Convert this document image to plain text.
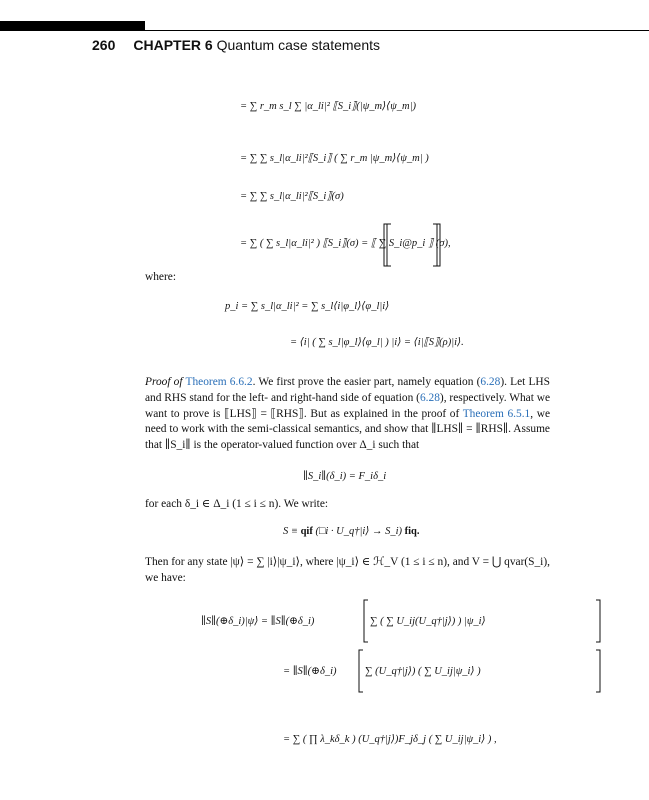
260 CHAPTER 6 Quantum case statements
= ∑ r_m s_l ∑ |α_li|² ⟦S_i⟧(|ψ_m⟩⟨ψ_m|)
= ∑ ∑ s_l|α_li|²⟦S_i⟧ ( ∑ r_m |ψ_m⟩⟨ψ_m| )
= ∑ ∑ s_l|α_li|²⟦S_i⟧(σ)
= ∑ ( ∑ s_l|α_li|² ) ⟦S_i⟧(σ) = ⟦ ∑ S_i@p_i ⟧ (σ),
where:
p_i = ∑ s_l|α_li|² = ∑ s_l⟨i|φ_l⟩⟨φ_l|i⟩
= ⟨i| ( ∑ s_l|φ_l⟩⟨φ_l| ) |i⟩ = ⟨i|⟦S⟧(ρ)|i⟩.
Proof of Theorem 6.6.2. We first prove the easier part, namely equation (6.28). Let LHS and RHS stand for the left- and right-hand side of equation (6.28), respectively. What we want to prove is ⟦LHS⟧ = ⟦RHS⟧. But as explained in the proof of Theorem 6.5.1, we need to work with the semi-classical semantics, and show that ∥LHS∥ = ∥RHS∥. Assume that ∥S_i∥ is the operator-valued function over Δ_i such that
∥S_i∥(δ_i) = F_iδ_i
for each δ_i ∈ Δ_i (1 ≤ i ≤ n). We write:
S ≡ qif (□i · U_q†|i⟩ → S_i) fiq.
Then for any state |ψ⟩ = ∑ |i⟩|ψ_i⟩, where |ψ_i⟩ ∈ ℋ_V (1 ≤ i ≤ n), and V = ⋃ qvar(S_i), we have:
∥S∥(⊕δ_i)|ψ⟩ = ∥S∥(⊕δ_i)	∑ ( ∑ U_ij(U_q†|j⟩) ) |ψ_i⟩
= ∥S∥(⊕δ_i)	∑ (U_q†|j⟩) ( ∑ U_ij|ψ_i⟩ )
= ∑ ( ∏ λ_kδ_k ) (U_q†|j⟩)F_jδ_j ( ∑ U_ij|ψ_i⟩ ) ,
